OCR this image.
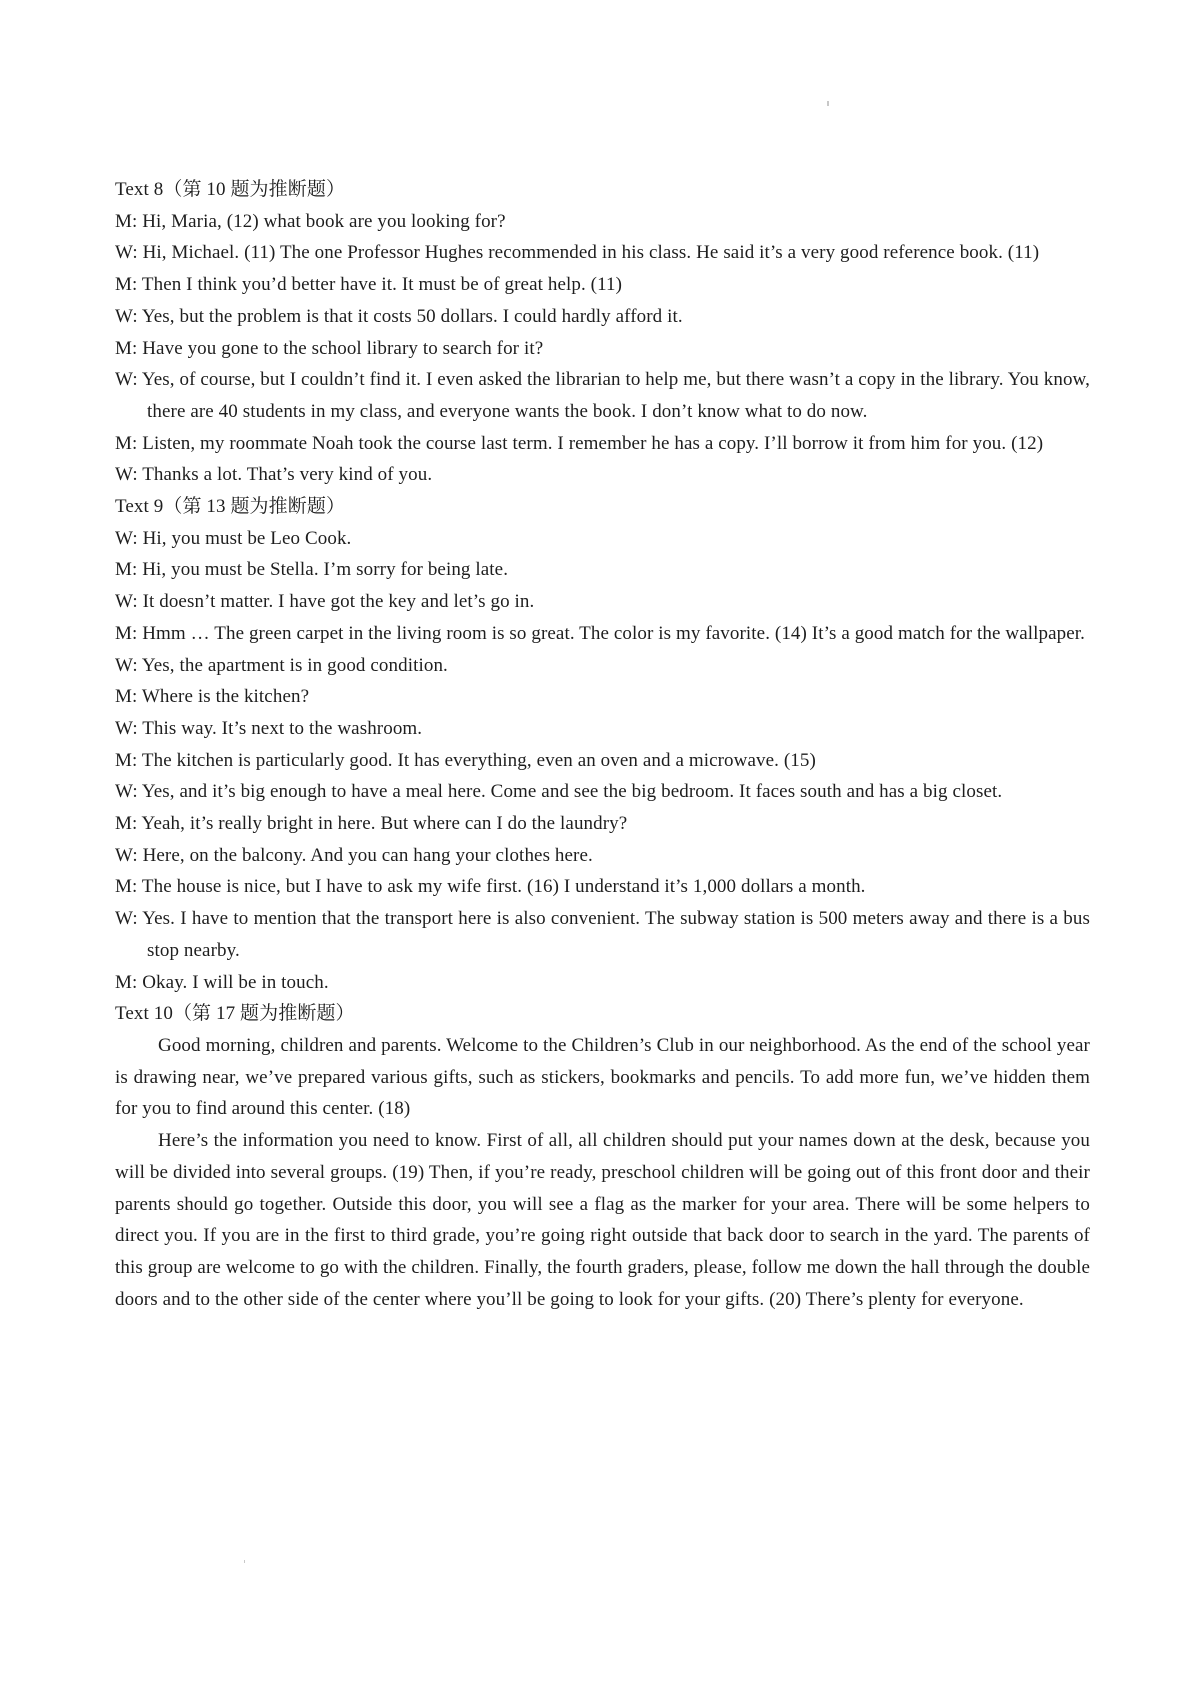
Text 8（第 10 题为推断题）
M: Hi, Maria, (12) what book are you looking for?
W: Hi, Michael. (11) The one Professor Hughes recommended in his class. He said it’s a very good reference book. (11)
M: Then I think you’d better have it. It must be of great help. (11)
W: Yes, but the problem is that it costs 50 dollars. I could hardly afford it.
M: Have you gone to the school library to search for it?
W: Yes, of course, but I couldn’t find it. I even asked the librarian to help me, but there wasn’t a copy in the library. You know, there are 40 students in my class, and everyone wants the book. I don’t know what to do now.
M: Listen, my roommate Noah took the course last term. I remember he has a copy. I’ll borrow it from him for you. (12)
W: Thanks a lot. That’s very kind of you.
Text 9（第 13 题为推断题）
W: Hi, you must be Leo Cook.
M: Hi, you must be Stella. I’m sorry for being late.
W: It doesn’t matter. I have got the key and let’s go in.
M: Hmm … The green carpet in the living room is so great. The color is my favorite. (14) It’s a good match for the wallpaper.
W: Yes, the apartment is in good condition.
M: Where is the kitchen?
W: This way. It’s next to the washroom.
M: The kitchen is particularly good. It has everything, even an oven and a microwave. (15)
W: Yes, and it’s big enough to have a meal here. Come and see the big bedroom. It faces south and has a big closet.
M: Yeah, it’s really bright in here. But where can I do the laundry?
W: Here, on the balcony. And you can hang your clothes here.
M: The house is nice, but I have to ask my wife first. (16) I understand it’s 1,000 dollars a month.
W: Yes. I have to mention that the transport here is also convenient. The subway station is 500 meters away and there is a bus stop nearby.
M: Okay. I will be in touch.
Text 10（第 17 题为推断题）
Good morning, children and parents. Welcome to the Children’s Club in our neighborhood. As the end of the school year is drawing near, we’ve prepared various gifts, such as stickers, bookmarks and pencils. To add more fun, we’ve hidden them for you to find around this center. (18)
Here’s the information you need to know. First of all, all children should put your names down at the desk, because you will be divided into several groups. (19) Then, if you’re ready, preschool children will be going out of this front door and their parents should go together. Outside this door, you will see a flag as the marker for your area. There will be some helpers to direct you. If you are in the first to third grade, you’re going right outside that back door to search in the yard. The parents of this group are welcome to go with the children. Finally, the fourth graders, please, follow me down the hall through the double doors and to the other side of the center where you’ll be going to look for your gifts. (20) There’s plenty for everyone.
